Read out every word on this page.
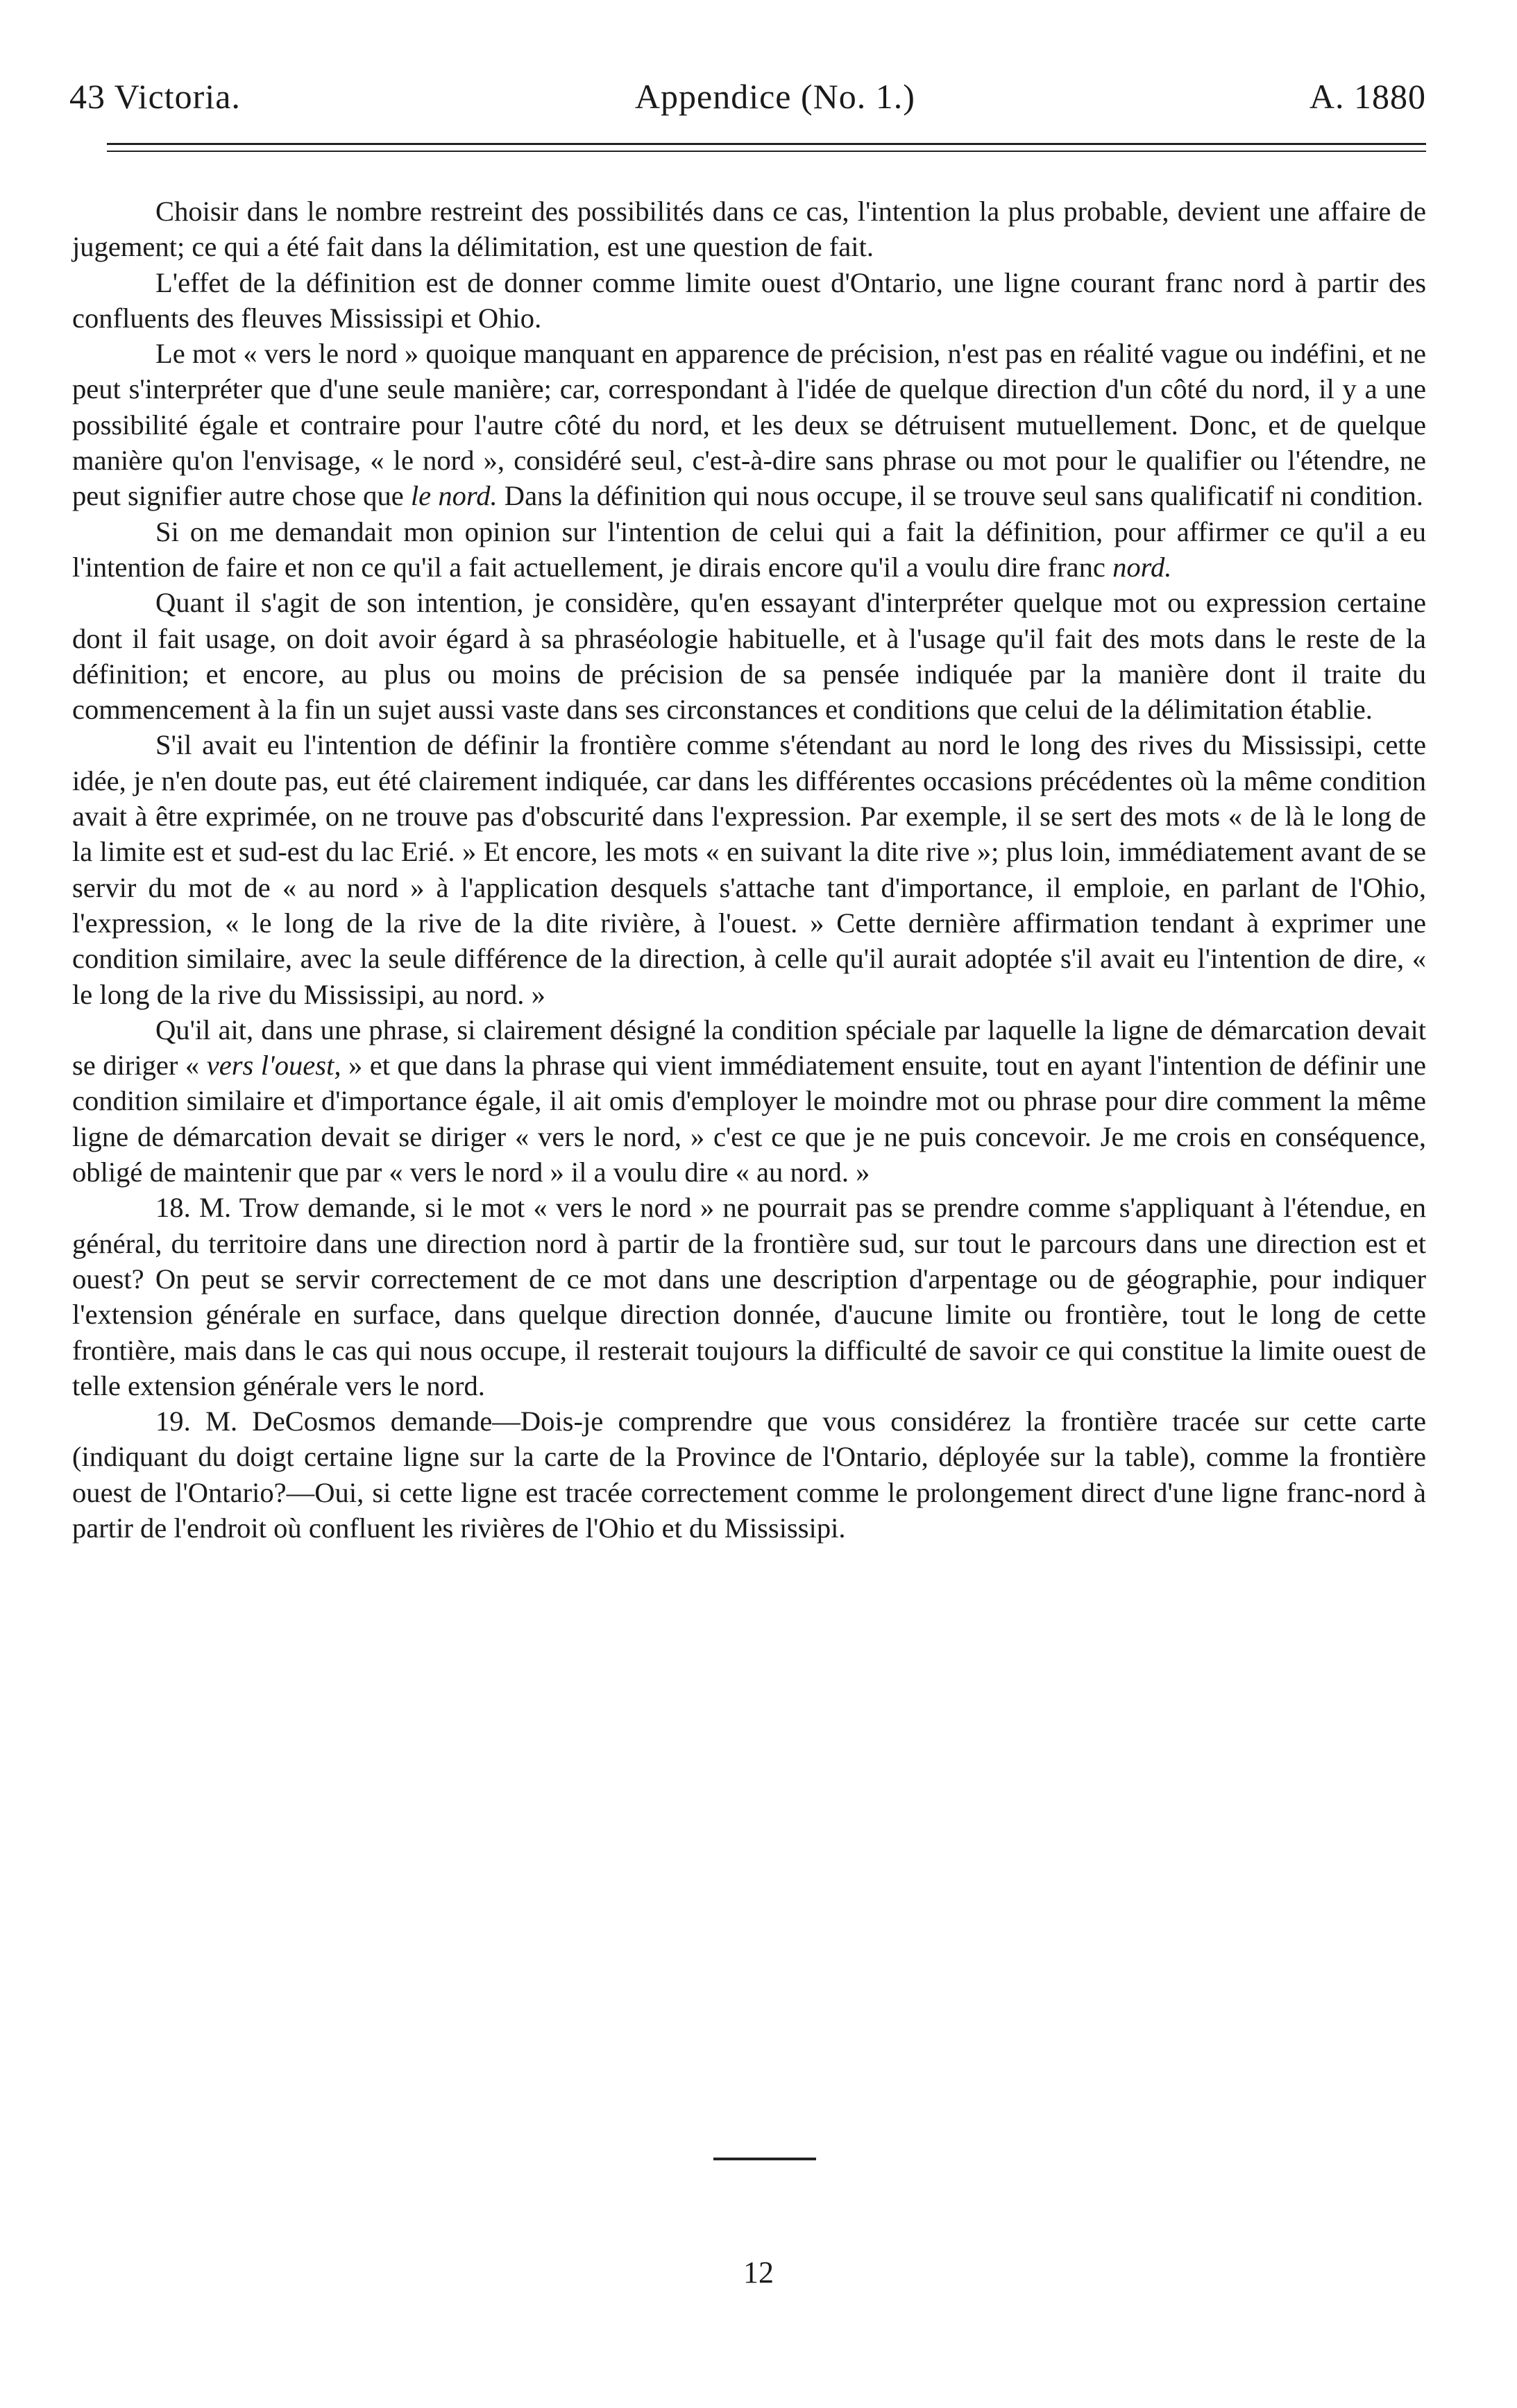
43 Victoria.	Appendice (No. 1.)	A. 1880

Choisir dans le nombre restreint des possibilités dans ce cas, l'intention la plus probable, devient une affaire de jugement; ce qui a été fait dans la délimitation, est une question de fait.

L'effet de la définition est de donner comme limite ouest d'Ontario, une ligne courant franc nord à partir des confluents des fleuves Mississipi et Ohio.

Le mot « vers le nord » quoique manquant en apparence de précision, n'est pas en réalité vague ou indéfini, et ne peut s'interpréter que d'une seule manière; car, correspondant à l'idée de quelque direction d'un côté du nord, il y a une possibilité égale et contraire pour l'autre côté du nord, et les deux se détruisent mutuellement. Donc, et de quelque manière qu'on l'envisage, « le nord », considéré seul, c'est-à-dire sans phrase ou mot pour le qualifier ou l'étendre, ne peut signifier autre chose que le nord. Dans la définition qui nous occupe, il se trouve seul sans qualificatif ni condition.

Si on me demandait mon opinion sur l'intention de celui qui a fait la définition, pour affirmer ce qu'il a eu l'intention de faire et non ce qu'il a fait actuellement, je dirais encore qu'il a voulu dire franc nord.

Quant il s'agit de son intention, je considère, qu'en essayant d'interpréter quelque mot ou expression certaine dont il fait usage, on doit avoir égard à sa phraséologie habituelle, et à l'usage qu'il fait des mots dans le reste de la définition; et encore, au plus ou moins de précision de sa pensée indiquée par la manière dont il traite du commencement à la fin un sujet aussi vaste dans ses circonstances et conditions que celui de la délimitation établie.

S'il avait eu l'intention de définir la frontière comme s'étendant au nord le long des rives du Mississipi, cette idée, je n'en doute pas, eut été clairement indiquée, car dans les différentes occasions précédentes où la même condition avait à être exprimée, on ne trouve pas d'obscurité dans l'expression. Par exemple, il se sert des mots « de là le long de la limite est et sud-est du lac Erié. » Et encore, les mots « en suivant la dite rive »; plus loin, immédiatement avant de se servir du mot de « au nord » à l'application desquels s'attache tant d'importance, il emploie, en parlant de l'Ohio, l'expression, « le long de la rive de la dite rivière, à l'ouest. » Cette dernière affirmation tendant à exprimer une condition similaire, avec la seule différence de la direction, à celle qu'il aurait adoptée s'il avait eu l'intention de dire, « le long de la rive du Mississipi, au nord. »

Qu'il ait, dans une phrase, si clairement désigné la condition spéciale par laquelle la ligne de démarcation devait se diriger « vers l'ouest, » et que dans la phrase qui vient immédiatement ensuite, tout en ayant l'intention de définir une condition similaire et d'importance égale, il ait omis d'employer le moindre mot ou phrase pour dire comment la même ligne de démarcation devait se diriger « vers le nord, » c'est ce que je ne puis concevoir. Je me crois en conséquence, obligé de maintenir que par « vers le nord » il a voulu dire « au nord. »

18. M. Trow demande, si le mot « vers le nord » ne pourrait pas se prendre comme s'appliquant à l'étendue, en général, du territoire dans une direction nord à partir de la frontière sud, sur tout le parcours dans une direction est et ouest? On peut se servir correctement de ce mot dans une description d'arpentage ou de géographie, pour indiquer l'extension générale en surface, dans quelque direction donnée, d'aucune limite ou frontière, tout le long de cette frontière, mais dans le cas qui nous occupe, il resterait toujours la difficulté de savoir ce qui constitue la limite ouest de telle extension générale vers le nord.

19. M. DeCosmos demande—Dois-je comprendre que vous considérez la frontière tracée sur cette carte (indiquant du doigt certaine ligne sur la carte de la Province de l'Ontario, déployée sur la table), comme la frontière ouest de l'Ontario?—Oui, si cette ligne est tracée correctement comme le prolongement direct d'une ligne franc-nord à partir de l'endroit où confluent les rivières de l'Ohio et du Mississipi.

12
